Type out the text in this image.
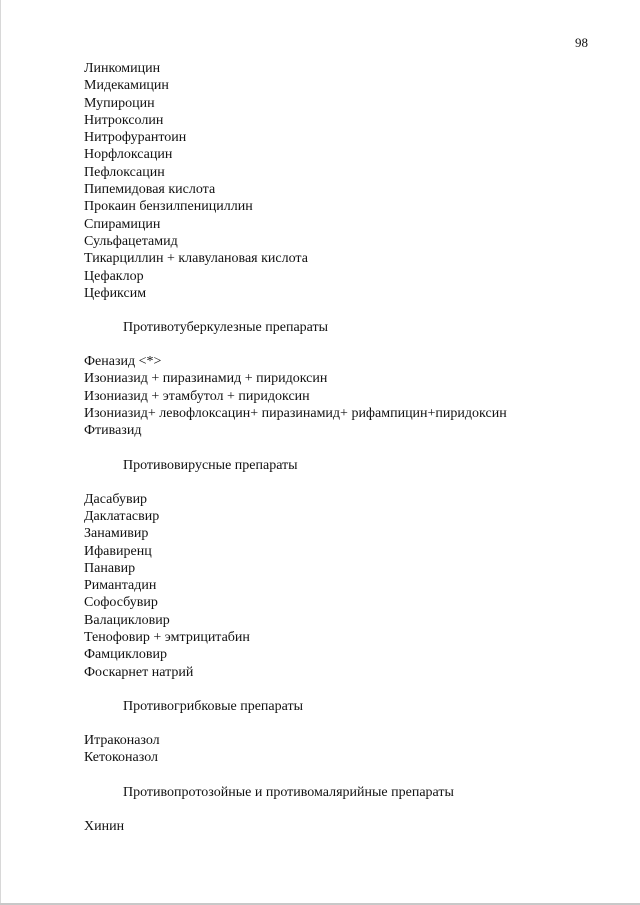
98
Линкомицин
Мидекамицин
Мупироцин
Нитроксолин
Нитрофурантоин
Норфлоксацин
Пефлоксацин
Пипемидовая кислота
Прокаин бензилпенициллин
Спирамицин
Сульфацетамид
Тикарциллин + клавулановая кислота
Цефаклор
Цефиксим
Противотуберкулезные препараты
Феназид <*>
Изониазид + пиразинамид + пиридоксин
Изониазид + этамбутол + пиридоксин
Изониазид+ левофлоксацин+ пиразинамид+ рифампицин+пиридоксин
Фтивазид
Противовирусные препараты
Дасабувир
Даклатасвир
Занамивир
Ифавиренц
Панавир
Римантадин
Софосбувир
Валацикловир
Тенофовир + эмтрицитабин
Фамцикловир
Фоскарнет натрий
Противогрибковые препараты
Итраконазол
Кетоконазол
Противопротозойные и противомалярийные препараты
Хинин
